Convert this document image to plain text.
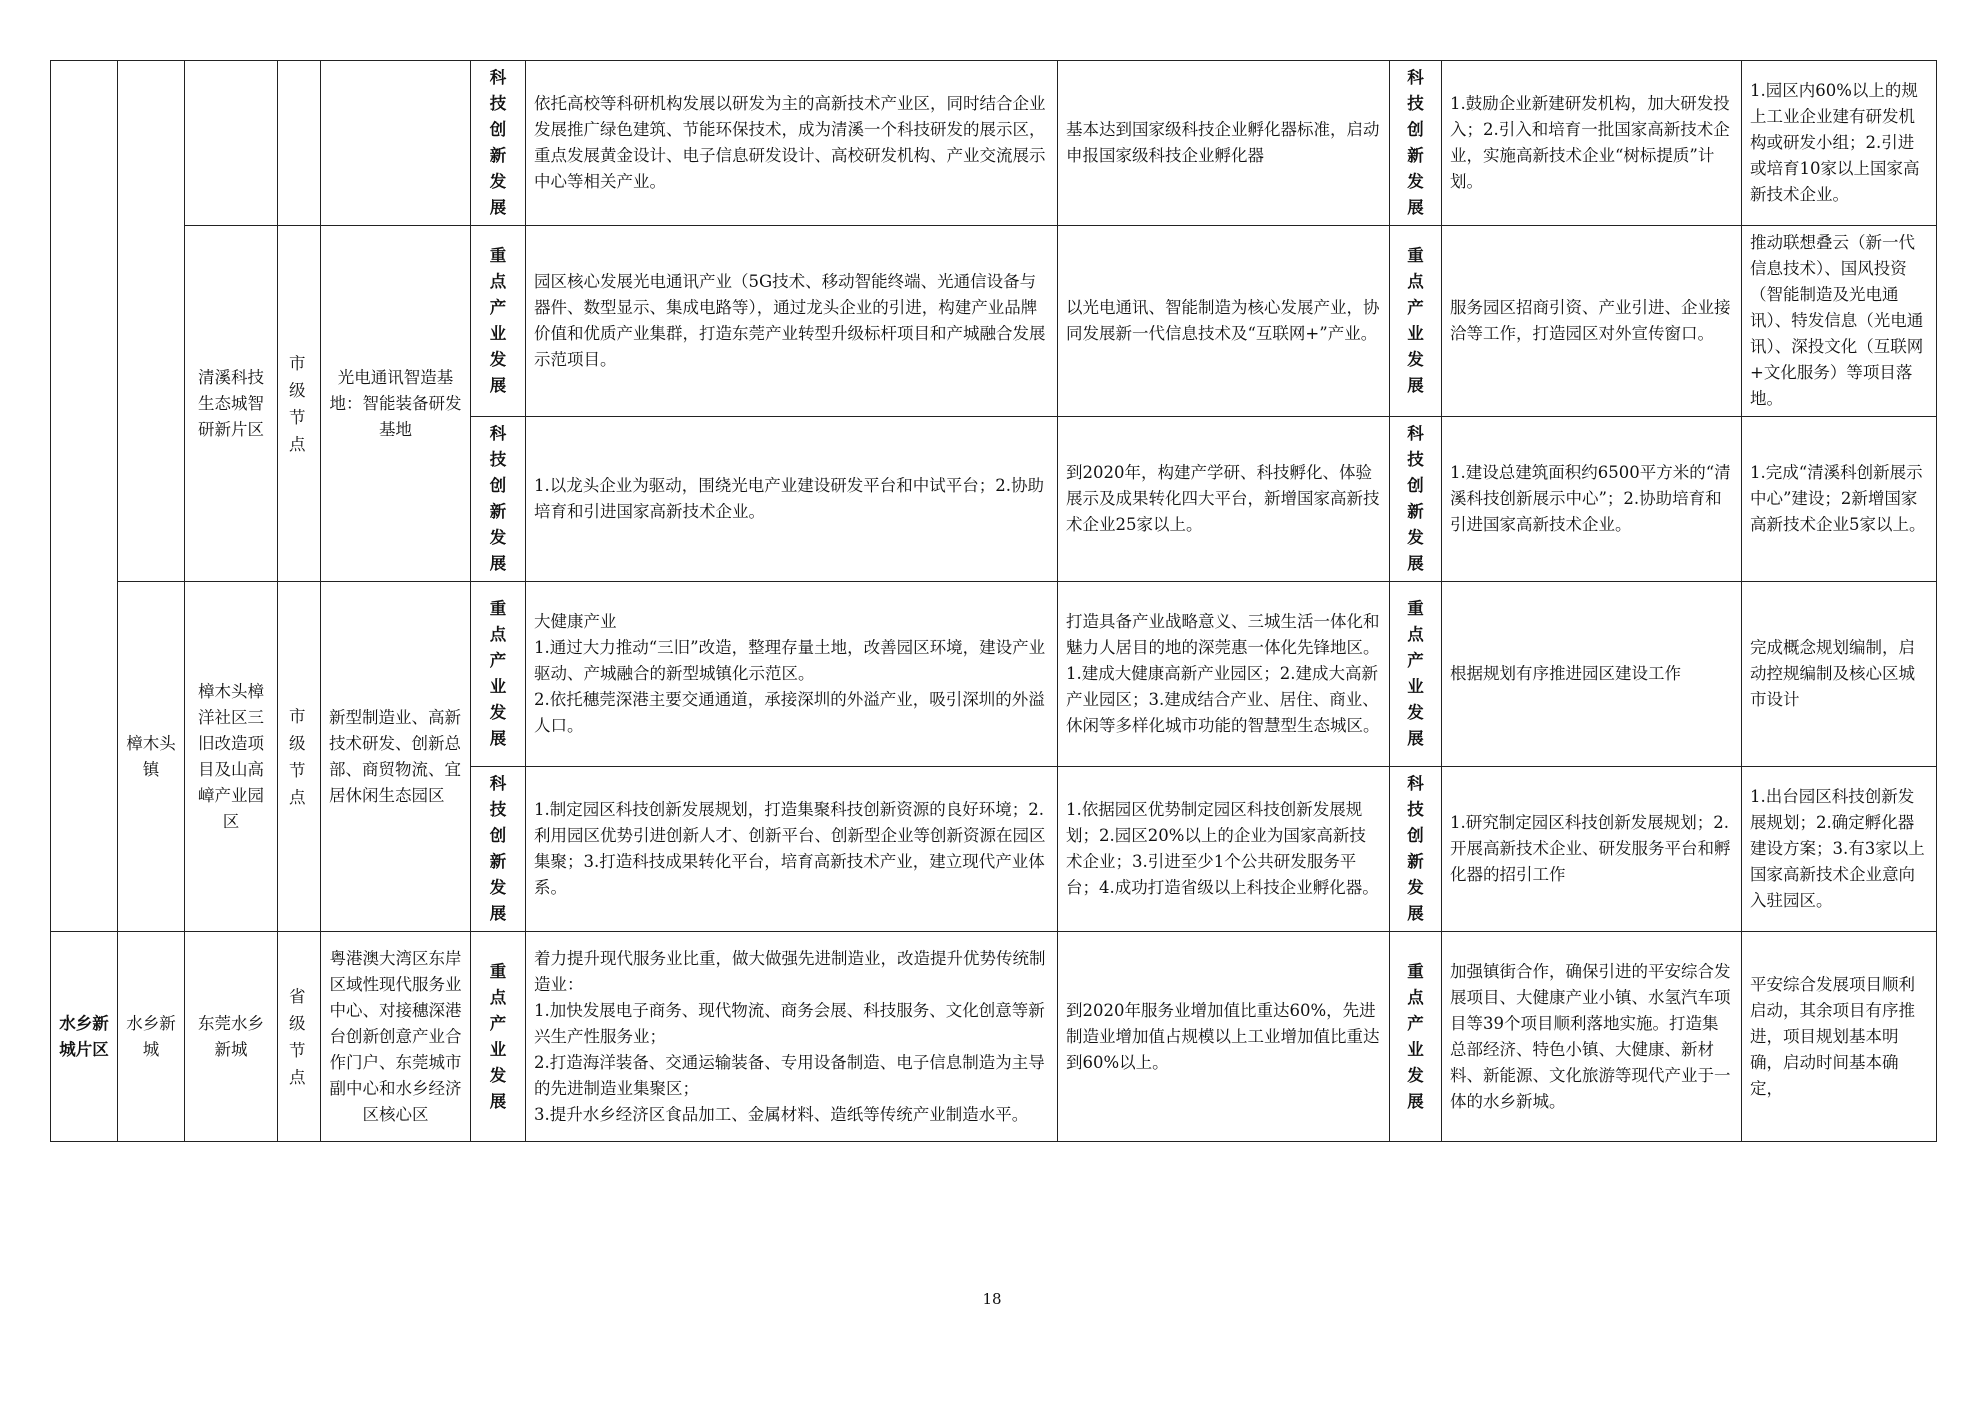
					科技创新发展	依托高校等科研机构发展以研发为主的高新技术产业区，同时结合企业发展推广绿色建筑、节能环保技术，成为清溪一个科技研发的展示区，重点发展黄金设计、电子信息研发设计、高校研发机构、产业交流展示中心等相关产业。	基本达到国家级科技企业孵化器标准，启动申报国家级科技企业孵化器	科技创新发展	1.鼓励企业新建研发机构，加大研发投入；2.引入和培育一批国家高新技术企业，实施高新技术企业“树标提质”计划。	1.园区内60%以上的规上工业企业建有研发机构或研发小组；2.引进或培育10家以上国家高新技术企业。
		清溪科技生态城智研新片区	市级节点	光电通讯智造基地：智能装备研发基地	重点产业发展	园区核心发展光电通讯产业（5G技术、移动智能终端、光通信设备与器件、数型显示、集成电路等），通过龙头企业的引进，构建产业品牌价值和优质产业集群，打造东莞产业转型升级标杆项目和产城融合发展示范项目。	以光电通讯、智能制造为核心发展产业，协同发展新一代信息技术及“互联网+”产业。	重点产业发展	服务园区招商引资、产业引进、企业接洽等工作，打造园区对外宣传窗口。	推动联想叠云（新一代信息技术）、国风投资（智能制造及光电通讯）、特发信息（光电通讯）、深投文化（互联网+文化服务）等项目落地。

					科技创新发展	1.以龙头企业为驱动，围绕光电产业建设研发平台和中试平台；2.协助培育和引进国家高新技术企业。	到2020年，构建产学研、科技孵化、体验展示及成果转化四大平台，新增国家高新技术企业25家以上。	科技创新发展	1.建设总建筑面积约6500平方米的“清溪科技创新展示中心”；2.协助培育和引进国家高新技术企业。	1.完成“清溪科创新展示中心”建设；2新增国家高新技术企业5家以上。
	樟木头镇	樟木头樟洋社区三旧改造项目及山高嶂产业园区	市级节点	新型制造业、高新技术研发、创新总部、商贸物流、宜居休闲生态园区	重点产业发展	大健康产业
1.通过大力推动“三旧”改造，整理存量土地，改善园区环境，建设产业驱动、产城融合的新型城镇化示范区。
2.依托穗莞深港主要交通通道，承接深圳的外溢产业，吸引深圳的外溢人口。	打造具备产业战略意义、三城生活一体化和魅力人居目的地的深莞惠一体化先锋地区。1.建成大健康高新产业园区；2.建成大高新产业园区；3.建成结合产业、居住、商业、休闲等多样化城市功能的智慧型生态城区。	重点产业发展	根据规划有序推进园区建设工作	完成概念规划编制，启动控规编制及核心区城市设计

					科技创新发展	1.制定园区科技创新发展规划，打造集聚科技创新资源的良好环境；2.利用园区优势引进创新人才、创新平台、创新型企业等创新资源在园区集聚；3.打造科技成果转化平台，培育高新技术产业，建立现代产业体系。	1.依据园区优势制定园区科技创新发展规划；2.园区20%以上的企业为国家高新技术企业；3.引进至少1个公共研发服务平台；4.成功打造省级以上科技企业孵化器。	科技创新发展	1.研究制定园区科技创新发展规划；2.开展高新技术企业、研发服务平台和孵化器的招引工作	1.出台园区科技创新发展规划；2.确定孵化器建设方案；3.有3家以上国家高新技术企业意向入驻园区。
水乡新城片区	水乡新城	东莞水乡新城	省级节点	粤港澳大湾区东岸区域性现代服务业中心、对接穗深港台创新创意产业合作门户、东莞城市副中心和水乡经济区核心区	重点产业发展	着力提升现代服务业比重，做大做强先进制造业，改造提升优势传统制造业：
1.加快发展电子商务、现代物流、商务会展、科技服务、文化创意等新兴生产性服务业；
2.打造海洋装备、交通运输装备、专用设备制造、电子信息制造为主导的先进制造业集聚区；
3.提升水乡经济区食品加工、金属材料、造纸等传统产业制造水平。	到2020年服务业增加值比重达60%，先进制造业增加值占规模以上工业增加值比重达到60%以上。	重点产业发展	加强镇街合作，确保引进的平安综合发展项目、大健康产业小镇、水氢汽车项目等39个项目顺利落地实施。打造集总部经济、特色小镇、大健康、新材料、新能源、文化旅游等现代产业于一体的水乡新城。	平安综合发展项目顺利启动，其余项目有序推进，项目规划基本明确，启动时间基本确定，
18
